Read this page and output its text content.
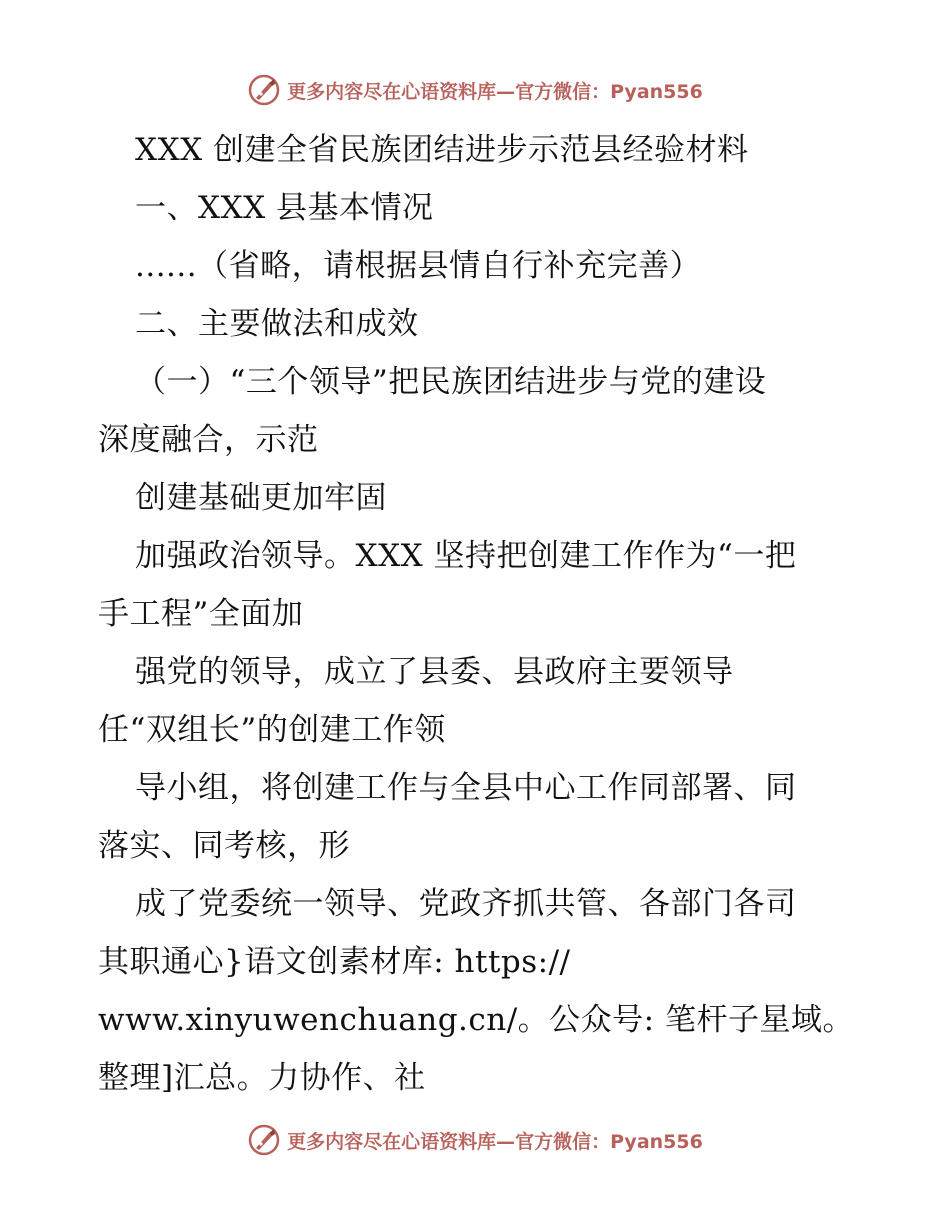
更多内容尽在心语资料库—官方微信：Pyan556
XXX 创建全省民族团结进步示范县经验材料
一、XXX 县基本情况
......（省略，请根据县情自行补充完善）
二、主要做法和成效
（一）“三个领导”把民族团结进步与党的建设
深度融合，示范
创建基础更加牢固
加强政治领导。XXX 坚持把创建工作作为“一把
手工程”全面加
强党的领导，成立了县委、县政府主要领导
任“双组长”的创建工作领
导小组，将创建工作与全县中心工作同部署、同
落实、同考核，形
成了党委统一领导、党政齐抓共管、各部门各司
其职通心}语文创素材库: https://
www.xinyuwenchuang.cn/。公众号: 笔杆子星域。
整理]汇总。力协作、社
更多内容尽在心语资料库—官方微信：Pyan556
